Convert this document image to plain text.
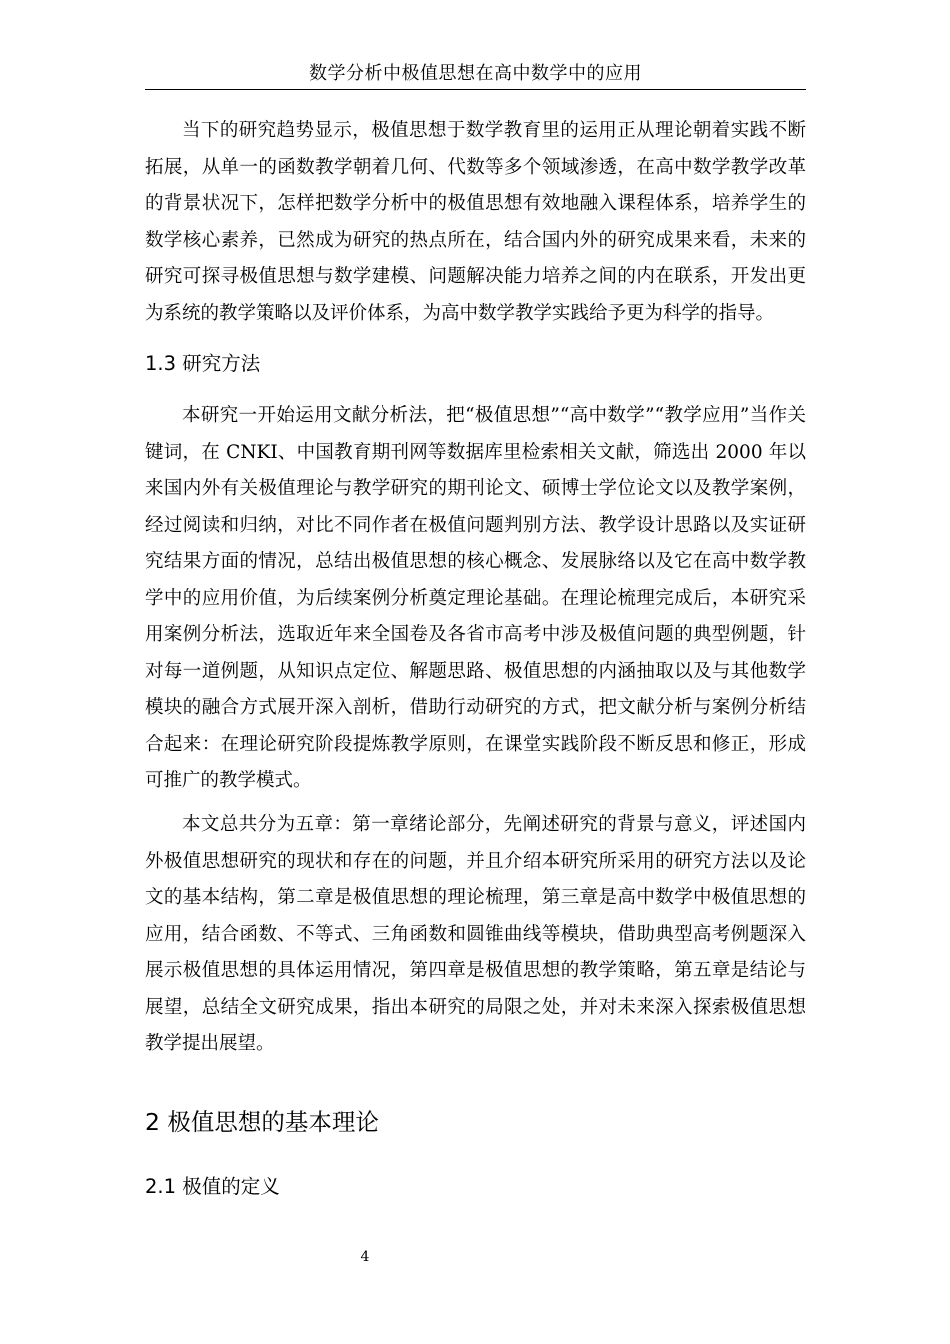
数学分析中极值思想在高中数学中的应用

当下的研究趋势显示，极值思想于数学教育里的运用正从理论朝着实践不断拓展，从单一的函数教学朝着几何、代数等多个领域渗透，在高中数学教学改革的背景状况下，怎样把数学分析中的极值思想有效地融入课程体系，培养学生的数学核心素养，已然成为研究的热点所在，结合国内外的研究成果来看，未来的研究可探寻极值思想与数学建模、问题解决能力培养之间的内在联系，开发出更为系统的教学策略以及评价体系，为高中数学教学实践给予更为科学的指导。

1.3 研究方法

本研究一开始运用文献分析法，把“极值思想”“高中数学”“教学应用”当作关键词，在 CNKI、中国教育期刊网等数据库里检索相关文献，筛选出 2000 年以来国内外有关极值理论与教学研究的期刊论文、硕博士学位论文以及教学案例，经过阅读和归纳，对比不同作者在极值问题判别方法、教学设计思路以及实证研究结果方面的情况，总结出极值思想的核心概念、发展脉络以及它在高中数学教学中的应用价值，为后续案例分析奠定理论基础。在理论梳理完成后，本研究采用案例分析法，选取近年来全国卷及各省市高考中涉及极值问题的典型例题，针对每一道例题，从知识点定位、解题思路、极值思想的内涵抽取以及与其他数学模块的融合方式展开深入剖析，借助行动研究的方式，把文献分析与案例分析结合起来：在理论研究阶段提炼教学原则，在课堂实践阶段不断反思和修正，形成可推广的教学模式。

本文总共分为五章：第一章绪论部分，先阐述研究的背景与意义，评述国内外极值思想研究的现状和存在的问题，并且介绍本研究所采用的研究方法以及论文的基本结构，第二章是极值思想的理论梳理，第三章是高中数学中极值思想的应用，结合函数、不等式、三角函数和圆锥曲线等模块，借助典型高考例题深入展示极值思想的具体运用情况，第四章是极值思想的教学策略，第五章是结论与展望，总结全文研究成果，指出本研究的局限之处，并对未来深入探索极值思想教学提出展望。

2 极值思想的基本理论
2.1 极值的定义
4
